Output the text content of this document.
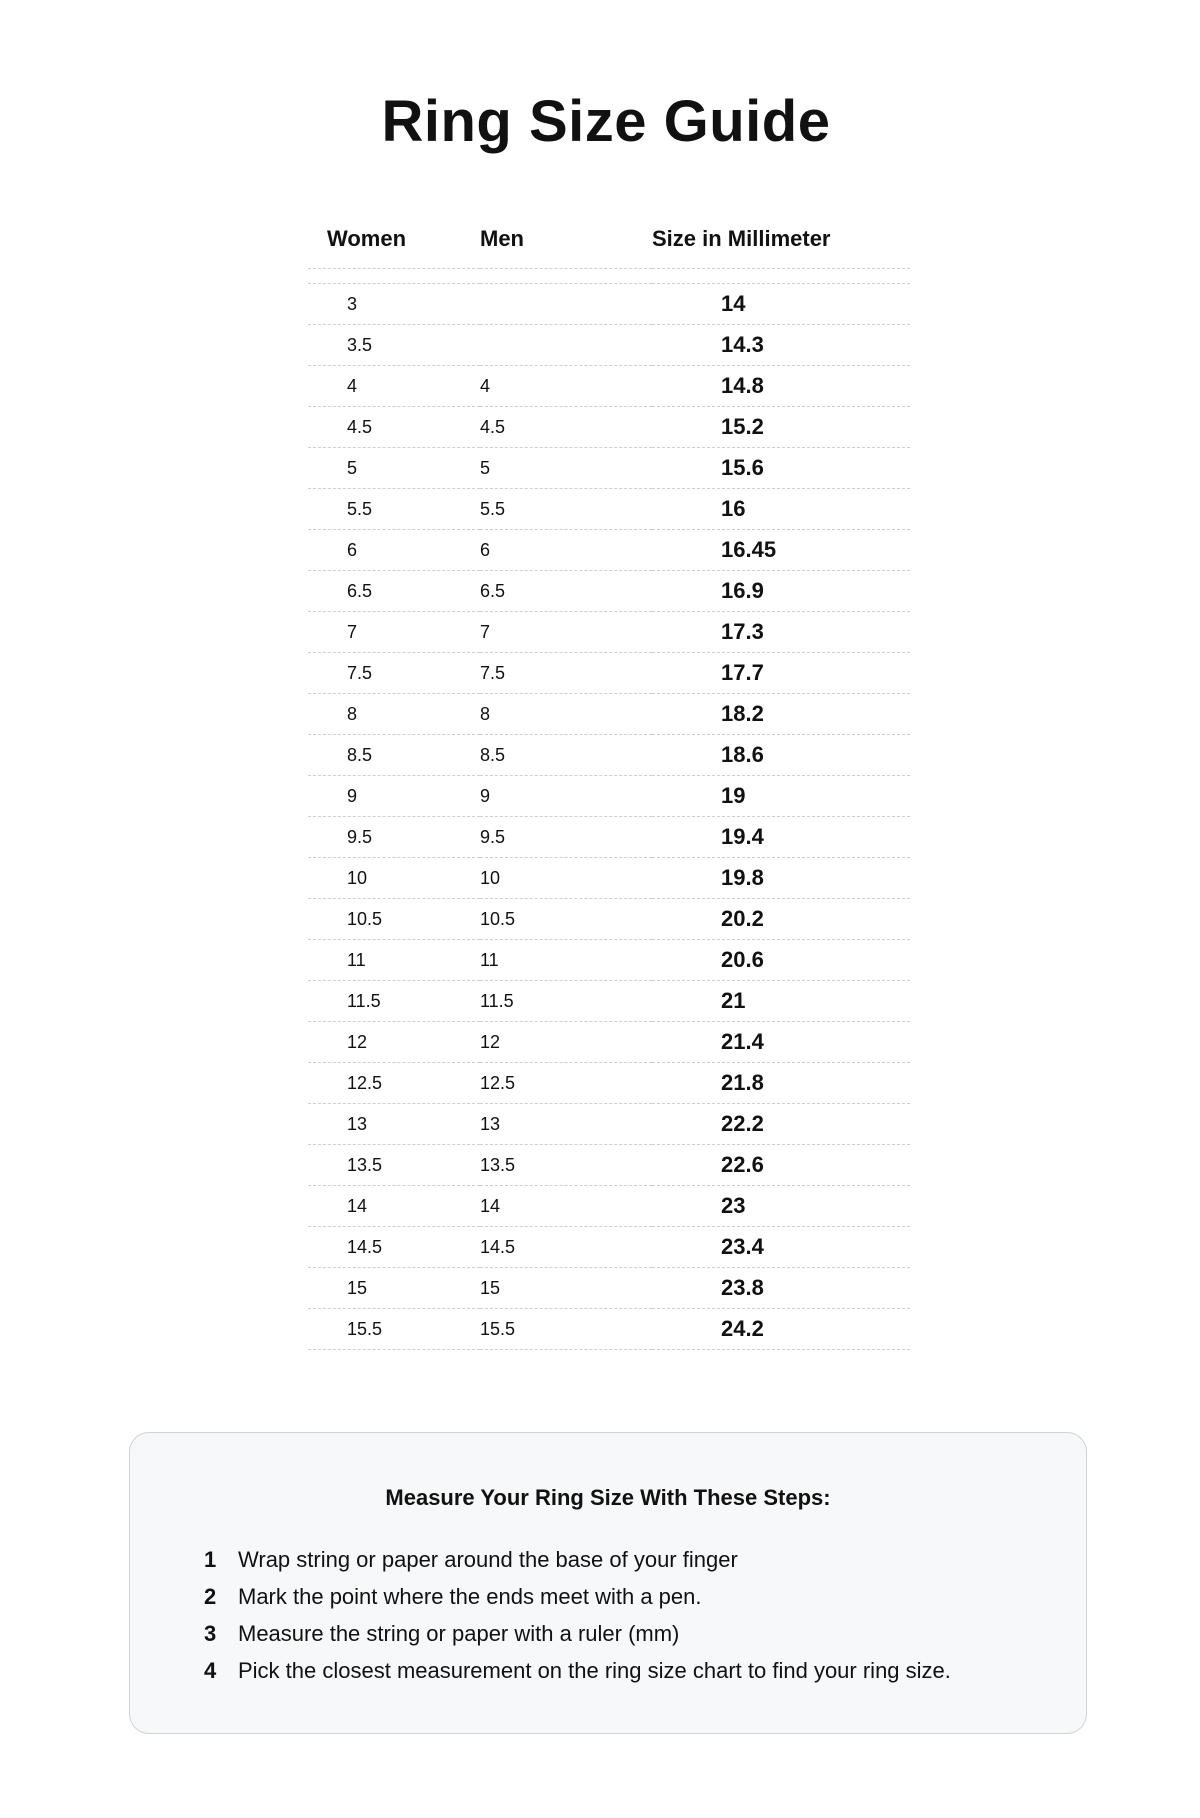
Ring Size Guide
Women	Men	Size in Millimeter

3		14
3.5		14.3
4	4	14.8
4.5	4.5	15.2
5	5	15.6
5.5	5.5	16
6	6	16.45
6.5	6.5	16.9
7	7	17.3
7.5	7.5	17.7
8	8	18.2
8.5	8.5	18.6
9	9	19
9.5	9.5	19.4
10	10	19.8
10.5	10.5	20.2
11	11	20.6
11.5	11.5	21
12	12	21.4
12.5	12.5	21.8
13	13	22.2
13.5	13.5	22.6
14	14	23
14.5	14.5	23.4
15	15	23.8
15.5	15.5	24.2
Measure Your Ring Size With These Steps:
1 Wrap string or paper around the base of your finger
2 Mark the point where the ends meet with a pen.
3 Measure the string or paper with a ruler (mm)
4 Pick the closest measurement on the ring size chart to find your ring size.
